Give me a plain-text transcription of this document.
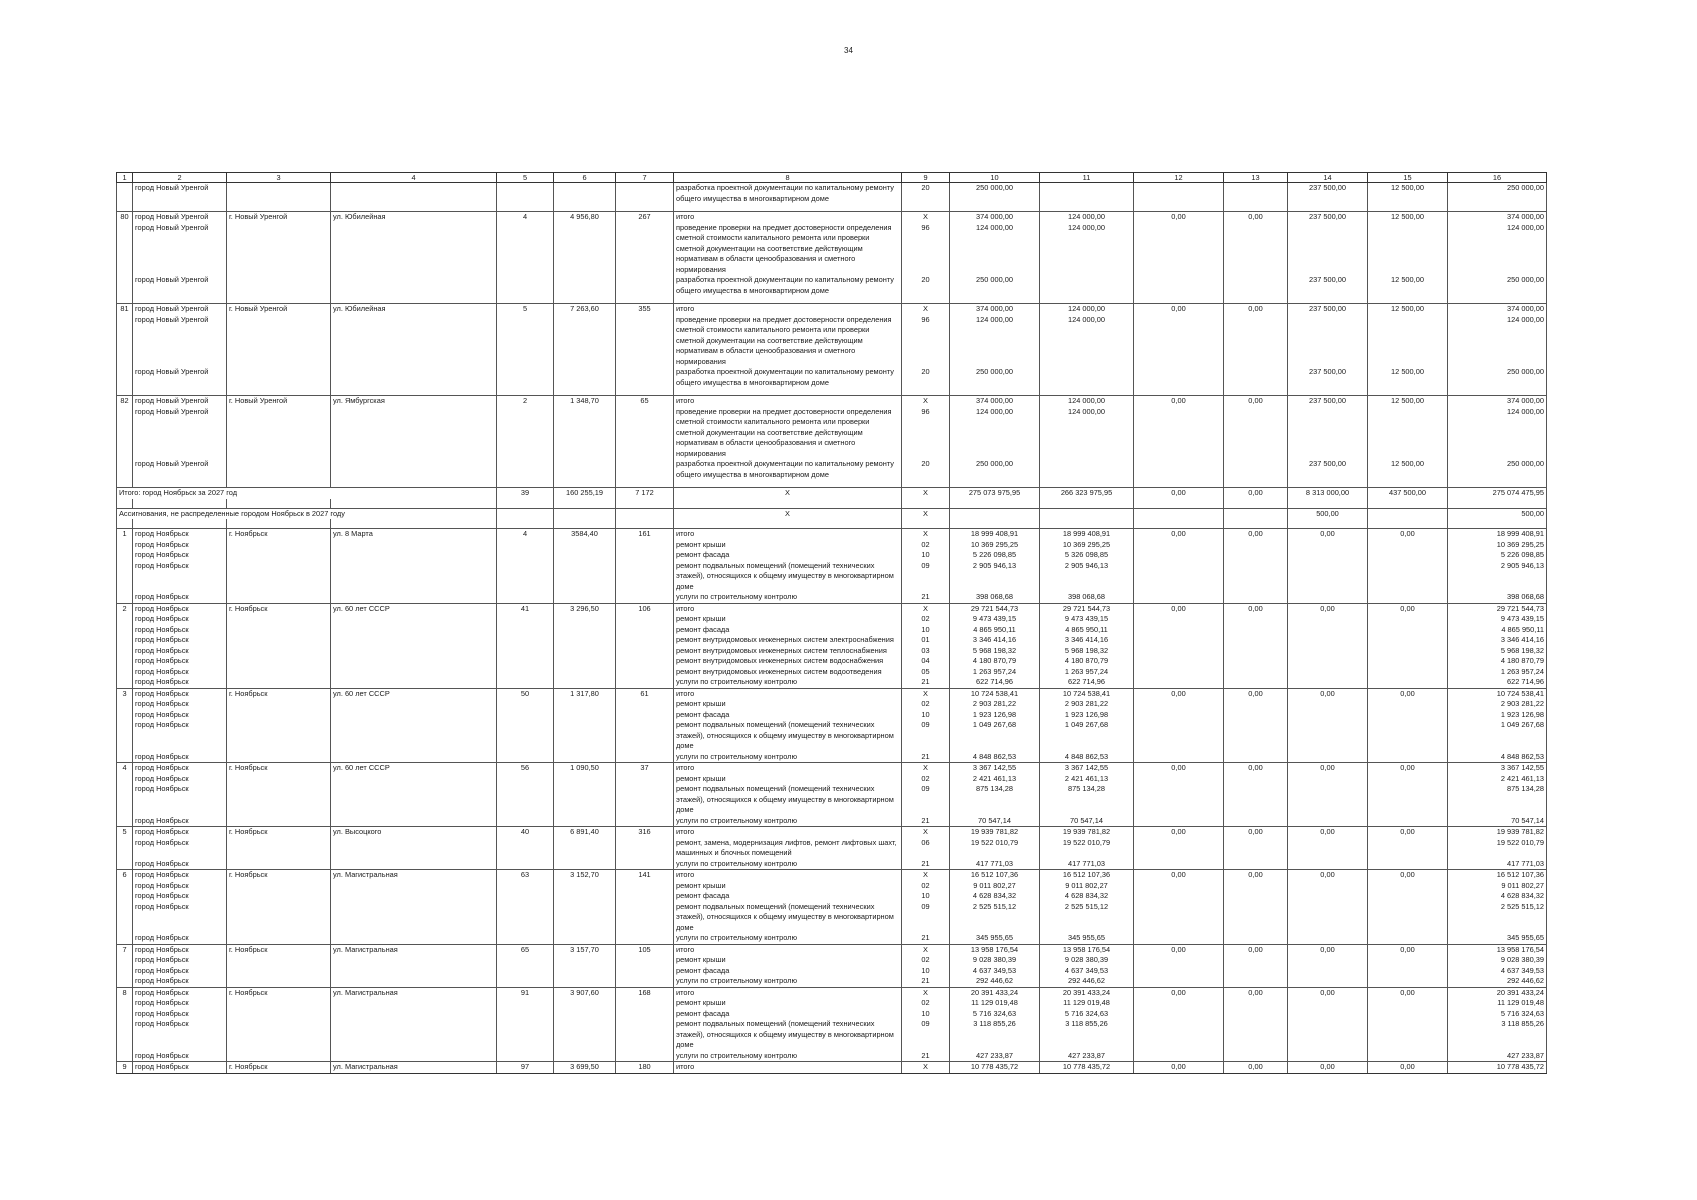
34
1	2	3	4	5	6	7	8	9	10	11	12	13	14	15	16
	город Новый Уренгой						разработка проектной документации по капитальному ремонту общего имущества в многоквартирном доме	20	250 000,00				237 500,00	12 500,00	250 000,00

80	город Новый Уренгой	г. Новый Уренгой	ул. Юбилейная	4	4 956,80	267	итого	X	374 000,00	124 000,00	0,00	0,00	237 500,00	12 500,00	374 000,00
	город Новый Уренгой						проведение проверки на предмет достоверности определения сметной стоимости капитального ремонта или проверки сметной документации на соответствие действующим нормативам в области ценообразования и сметного нормирования	96	124 000,00	124 000,00					124 000,00
	город Новый Уренгой						разработка проектной документации по капитальному ремонту общего имущества в многоквартирном доме	20	250 000,00				237 500,00	12 500,00	250 000,00

81	город Новый Уренгой	г. Новый Уренгой	ул. Юбилейная	5	7 263,60	355	итого	X	374 000,00	124 000,00	0,00	0,00	237 500,00	12 500,00	374 000,00
	город Новый Уренгой						проведение проверки на предмет достоверности определения сметной стоимости капитального ремонта или проверки сметной документации на соответствие действующим нормативам в области ценообразования и сметного нормирования	96	124 000,00	124 000,00					124 000,00
	город Новый Уренгой						разработка проектной документации по капитальному ремонту общего имущества в многоквартирном доме	20	250 000,00				237 500,00	12 500,00	250 000,00

82	город Новый Уренгой	г. Новый Уренгой	ул. Ямбургская	2	1 348,70	65	итого	X	374 000,00	124 000,00	0,00	0,00	237 500,00	12 500,00	374 000,00
	город Новый Уренгой						проведение проверки на предмет достоверности определения сметной стоимости капитального ремонта или проверки сметной документации на соответствие действующим нормативам в области ценообразования и сметного нормирования	96	124 000,00	124 000,00					124 000,00
	город Новый Уренгой						разработка проектной документации по капитальному ремонту общего имущества в многоквартирном доме	20	250 000,00				237 500,00	12 500,00	250 000,00

Итого: город Ноябрьск за 2027 год				39	160 255,19	7 172	X	X	275 073 975,95	266 323 975,95	0,00	0,00	8 313 000,00	437 500,00	275 074 475,95

Ассигнования, не распределенные городом Ноябрьск в 2027 году							X	X					500,00		500,00

1	город Ноябрьск	г. Ноябрьск	ул. 8 Марта	4	3584,40	161	итого	X	18 999 408,91	18 999 408,91	0,00	0,00	0,00	0,00	18 999 408,91
	город Ноябрьск						ремонт крыши	02	10 369 295,25	10 369 295,25					10 369 295,25
	город Ноябрьск						ремонт фасада	10	5 226 098,85	5 326 098,85					5 226 098,85
	город Ноябрьск						ремонт подвальных помещений (помещений технических этажей), относящихся к общему имуществу в многоквартирном доме	09	2 905 946,13	2 905 946,13					2 905 946,13
	город Ноябрьск						услуги по строительному контролю	21	398 068,68	398 068,68					398 068,68
2	город Ноябрьск	г. Ноябрьск	ул. 60 лет СССР	41	3 296,50	106	итого	X	29 721 544,73	29 721 544,73	0,00	0,00	0,00	0,00	29 721 544,73
	город Ноябрьск						ремонт крыши	02	9 473 439,15	9 473 439,15					9 473 439,15
	город Ноябрьск						ремонт фасада	10	4 865 950,11	4 865 950,11					4 865 950,11
	город Ноябрьск						ремонт внутридомовых инженерных систем электроснабжения	01	3 346 414,16	3 346 414,16					3 346 414,16
	город Ноябрьск						ремонт внутридомовых инженерных систем теплоснабжения	03	5 968 198,32	5 968 198,32					5 968 198,32
	город Ноябрьск						ремонт внутридомовых инженерных систем водоснабжения	04	4 180 870,79	4 180 870,79					4 180 870,79
	город Ноябрьск						ремонт внутридомовых инженерных систем водоотведения	05	1 263 957,24	1 263 957,24					1 263 957,24
	город Ноябрьск						услуги по строительному контролю	21	622 714,96	622 714,96					622 714,96
3	город Ноябрьск	г. Ноябрьск	ул. 60 лет СССР	50	1 317,80	61	итого	X	10 724 538,41	10 724 538,41	0,00	0,00	0,00	0,00	10 724 538,41
	город Ноябрьск						ремонт крыши	02	2 903 281,22	2 903 281,22					2 903 281,22
	город Ноябрьск						ремонт фасада	10	1 923 126,98	1 923 126,98					1 923 126,98
	город Ноябрьск						ремонт подвальных помещений (помещений технических этажей), относящихся к общему имуществу в многоквартирном доме	09	1 049 267,68	1 049 267,68					1 049 267,68
	город Ноябрьск						услуги по строительному контролю	21	4 848 862,53	4 848 862,53					4 848 862,53
4	город Ноябрьск	г. Ноябрьск	ул. 60 лет СССР	56	1 090,50	37	итого	X	3 367 142,55	3 367 142,55	0,00	0,00	0,00	0,00	3 367 142,55
	город Ноябрьск						ремонт крыши	02	2 421 461,13	2 421 461,13					2 421 461,13
	город Ноябрьск						ремонт подвальных помещений (помещений технических этажей), относящихся к общему имуществу в многоквартирном доме	09	875 134,28	875 134,28					875 134,28
	город Ноябрьск						услуги по строительному контролю	21	70 547,14	70 547,14					70 547,14
5	город Ноябрьск	г. Ноябрьск	ул. Высоцкого	40	6 891,40	316	итого	X	19 939 781,82	19 939 781,82	0,00	0,00	0,00	0,00	19 939 781,82
	город Ноябрьск						ремонт, замена, модернизация лифтов, ремонт лифтовых шахт, машинных и блочных помещений	06	19 522 010,79	19 522 010,79					19 522 010,79
	город Ноябрьск						услуги по строительному контролю	21	417 771,03	417 771,03					417 771,03
6	город Ноябрьск	г. Ноябрьск	ул. Магистральная	63	3 152,70	141	итого	X	16 512 107,36	16 512 107,36	0,00	0,00	0,00	0,00	16 512 107,36
	город Ноябрьск						ремонт крыши	02	9 011 802,27	9 011 802,27					9 011 802,27
	город Ноябрьск						ремонт фасада	10	4 628 834,32	4 628 834,32					4 628 834,32
	город Ноябрьск						ремонт подвальных помещений (помещений технических этажей), относящихся к общему имуществу в многоквартирном доме	09	2 525 515,12	2 525 515,12					2 525 515,12
	город Ноябрьск						услуги по строительному контролю	21	345 955,65	345 955,65					345 955,65
7	город Ноябрьск	г. Ноябрьск	ул. Магистральная	65	3 157,70	105	итого	X	13 958 176,54	13 958 176,54	0,00	0,00	0,00	0,00	13 958 176,54
	город Ноябрьск						ремонт крыши	02	9 028 380,39	9 028 380,39					9 028 380,39
	город Ноябрьск						ремонт фасада	10	4 637 349,53	4 637 349,53					4 637 349,53
	город Ноябрьск						услуги по строительному контролю	21	292 446,62	292 446,62					292 446,62
8	город Ноябрьск	г. Ноябрьск	ул. Магистральная	91	3 907,60	168	итого	X	20 391 433,24	20 391 433,24	0,00	0,00	0,00	0,00	20 391 433,24
	город Ноябрьск						ремонт крыши	02	11 129 019,48	11 129 019,48					11 129 019,48
	город Ноябрьск						ремонт фасада	10	5 716 324,63	5 716 324,63					5 716 324,63
	город Ноябрьск						ремонт подвальных помещений (помещений технических этажей), относящихся к общему имуществу в многоквартирном доме	09	3 118 855,26	3 118 855,26					3 118 855,26
	город Ноябрьск						услуги по строительному контролю	21	427 233,87	427 233,87					427 233,87
9	город Ноябрьск	г. Ноябрьск	ул. Магистральная	97	3 699,50	180	итого	X	10 778 435,72	10 778 435,72	0,00	0,00	0,00	0,00	10 778 435,72
